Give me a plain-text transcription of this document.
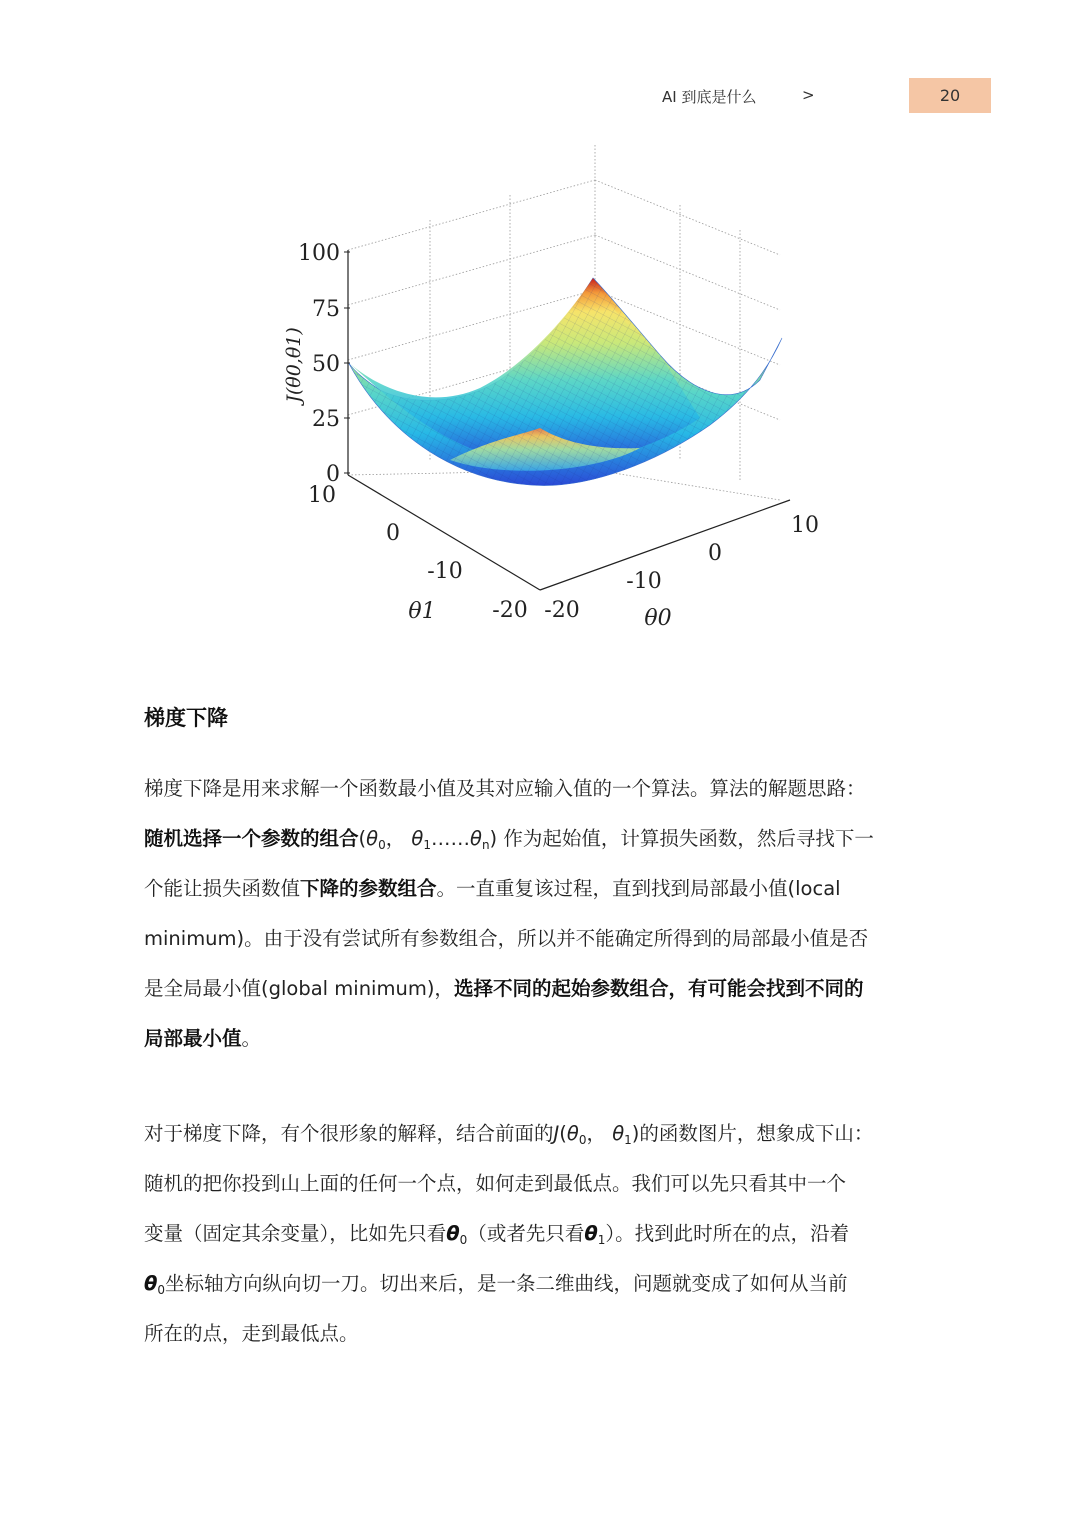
AI 到底是什么	>	20
100
75
50
25
0
10
0
-10
-20 -20
-10
0
10
J(θ0,θ1)
θ1	θ0
梯度下降
梯度下降是用来求解一个函数最小值及其对应输入值的一个算法。算法的解题思路：
随机选择一个参数的组合($\theta_0$， $\theta_1\dots\dots\theta_n$) 作为起始值，计算损失函数，然后寻找下一
个能让损失函数值下降的参数组合。一直重复该过程，直到找到局部最小值(local
minimum)。由于没有尝试所有参数组合，所以并不能确定所得到的局部最小值是否
是全局最小值(global minimum)，选择不同的起始参数组合，有可能会找到不同的
局部最小值。
对于梯度下降，有个很形象的解释，结合前面的$J(\theta_0$， $\theta_1$)的函数图片，想象成下山：
随机的把你投到山上面的任何一个点，如何走到最低点。我们可以先只看其中一个
变量（固定其余变量），比如先只看$\theta_0$（或者先只看$\theta_1$）。找到此时所在的点，沿着
$\theta_0$坐标轴方向纵向切一刀。切出来后，是一条二维曲线，问题就变成了如何从当前
所在的点，走到最低点。
